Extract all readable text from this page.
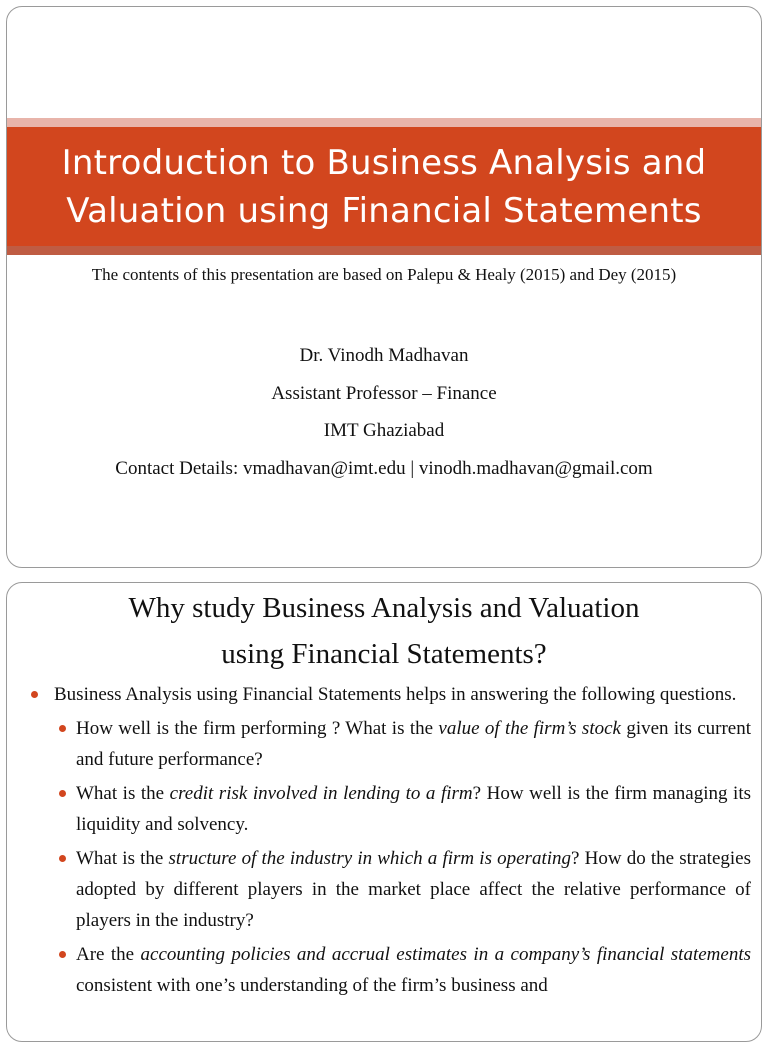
Introduction to Business Analysis and
Valuation using Financial Statements
The contents of this presentation are based on Palepu & Healy (2015) and Dey (2015)
Dr. Vinodh Madhavan
Assistant Professor – Finance
IMT Ghaziabad
Contact Details: vmadhavan@imt.edu | vinodh.madhavan@gmail.com
Why study Business Analysis and Valuation
using Financial Statements?
Business Analysis using Financial Statements helps in answering the following questions.
How well is the firm performing ? What is the value of the firm’s stock given its current and future performance?
What is the credit risk involved in lending to a firm? How well is the firm managing its liquidity and solvency.
What is the structure of the industry in which a firm is operating? How do the strategies adopted by different players in the market place affect the relative performance of players in the industry?
Are the accounting policies and accrual estimates in a company’s financial statements consistent with one’s understanding of the firm’s business and
